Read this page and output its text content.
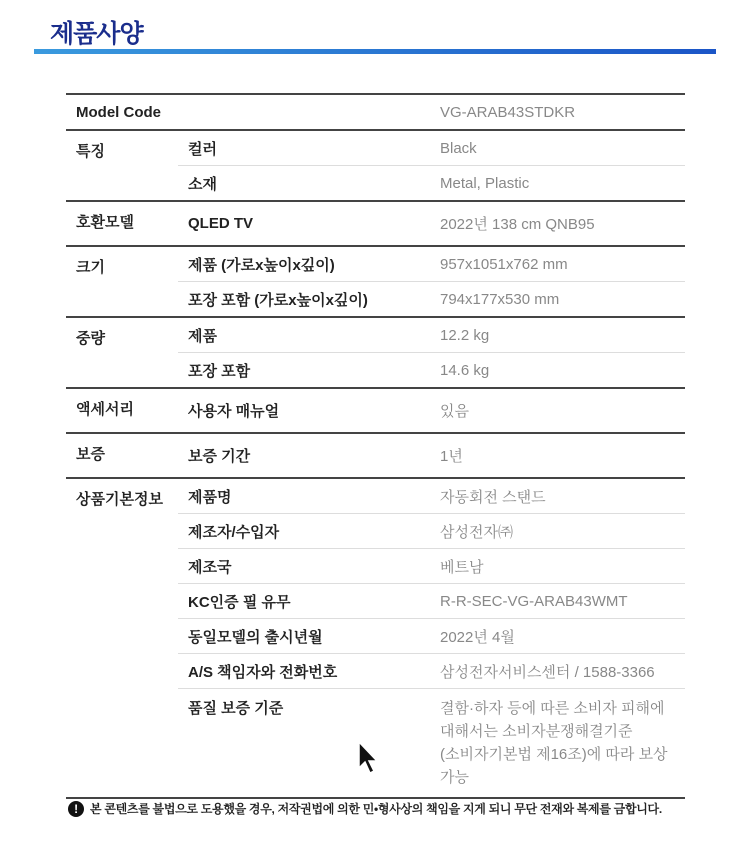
제품사양
Model Code		VG-ARAB43STDKR
특징	컬러	Black
	소재	Metal, Plastic
호환모델	QLED TV	2022년 138 cm QNB95
크기	제품 (가로x높이x깊이)	957x1051x762 mm
	포장 포함 (가로x높이x깊이)	794x177x530 mm
중량	제품	12.2 kg
	포장 포함	14.6 kg
액세서리	사용자 매뉴얼	있음
보증	보증 기간	1년
상품기본정보	제품명	자동회전 스탠드
	제조자/수입자	삼성전자㈜
	제조국	베트남
	KC인증 필 유무	R-R-SEC-VG-ARAB43WMT
	동일모델의 출시년월	2022년 4월
	A/S 책임자와 전화번호	삼성전자서비스센터 / 1588-3366
	품질 보증 기준	결함·하자 등에 따른 소비자 피해에
대해서는 소비자분쟁해결기준
(소비자기본법 제16조)에 따라 보상
가능
!	본 콘텐츠를 불법으로 도용했을 경우, 저작권법에 의한 민•형사상의 책임을 지게 되니 무단 전재와 복제를 금합니다.
